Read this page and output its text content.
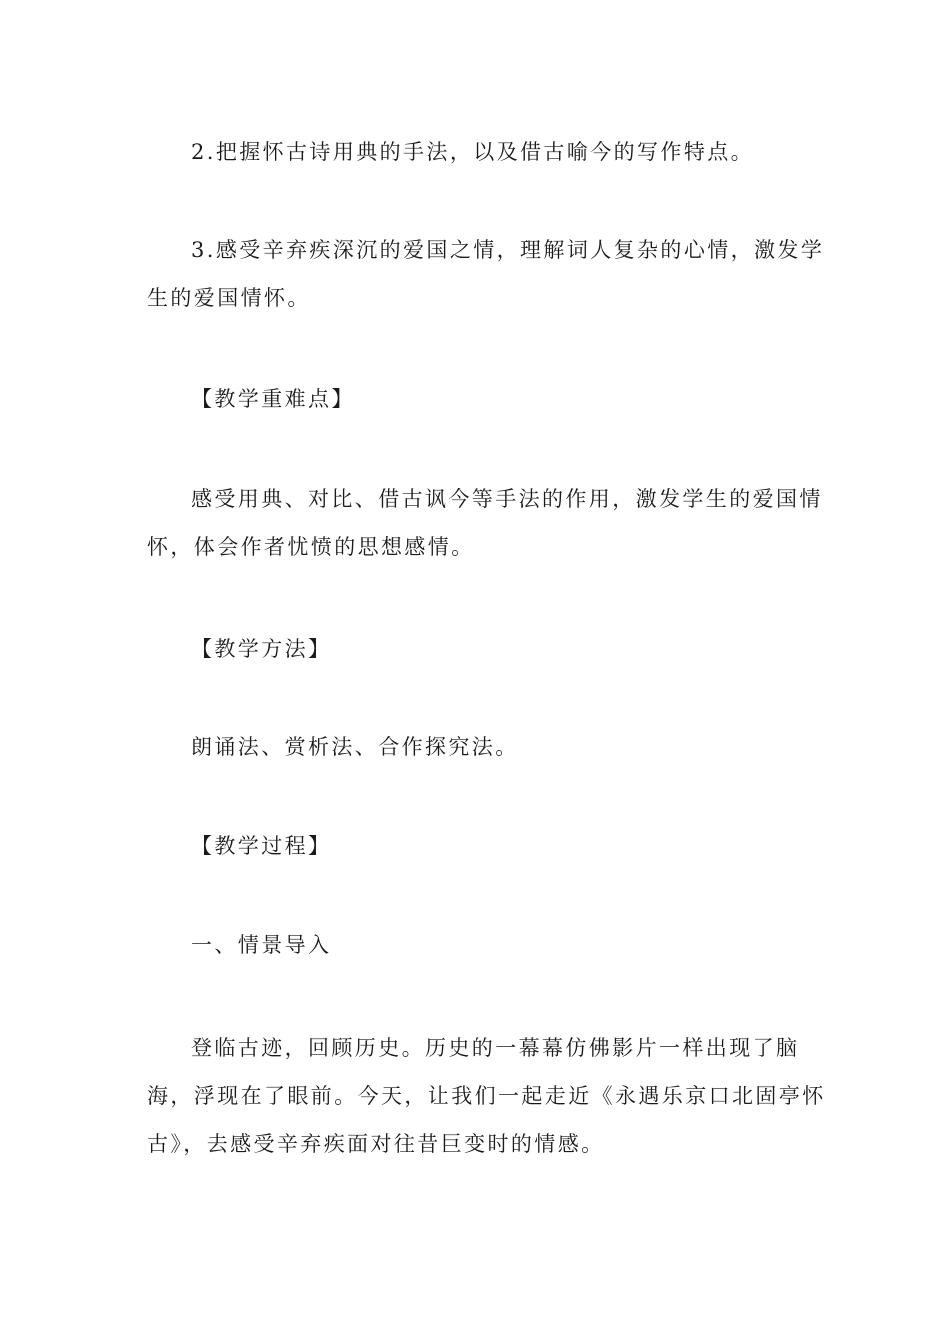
2.把握怀古诗用典的手法，以及借古喻今的写作特点。

3.感受辛弃疾深沉的爱国之情，理解词人复杂的心情，激发学
生的爱国情怀。

【教学重难点】

感受用典、对比、借古讽今等手法的作用，激发学生的爱国情
怀，体会作者忧愤的思想感情。

【教学方法】

朗诵法、赏析法、合作探究法。

【教学过程】

一、情景导入

登临古迹，回顾历史。历史的一幕幕仿佛影片一样出现了脑
海，浮现在了眼前。今天，让我们一起走近《永遇乐京口北固亭怀
古》，去感受辛弃疾面对往昔巨变时的情感。
